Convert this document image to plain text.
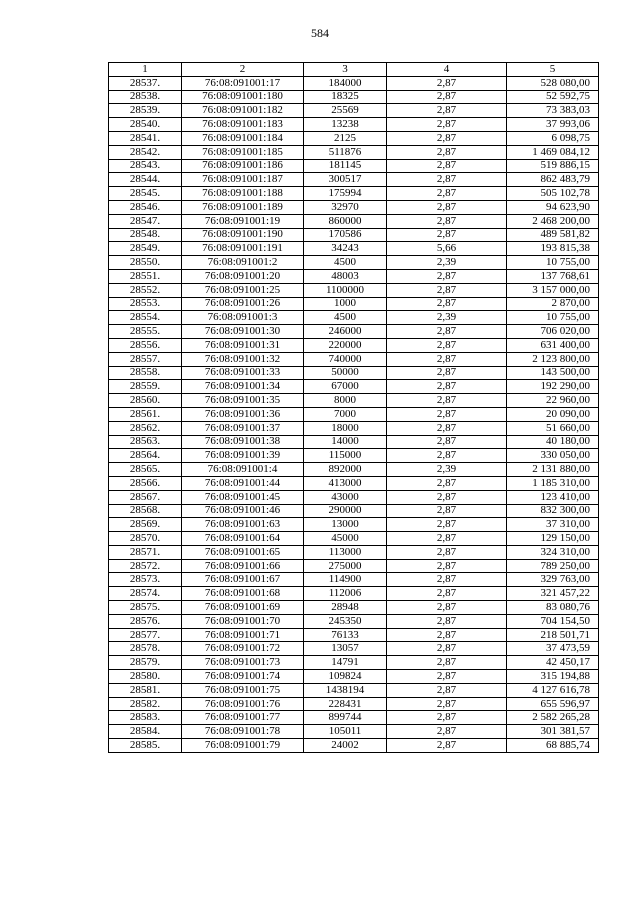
584
1	2	3	4	5
28537.	76:08:091001:17	184000	2,87	528 080,00
28538.	76:08:091001:180	18325	2,87	52 592,75
28539.	76:08:091001:182	25569	2,87	73 383,03
28540.	76:08:091001:183	13238	2,87	37 993,06
28541.	76:08:091001:184	2125	2,87	6 098,75
28542.	76:08:091001:185	511876	2,87	1 469 084,12
28543.	76:08:091001:186	181145	2,87	519 886,15
28544.	76:08:091001:187	300517	2,87	862 483,79
28545.	76:08:091001:188	175994	2,87	505 102,78
28546.	76:08:091001:189	32970	2,87	94 623,90
28547.	76:08:091001:19	860000	2,87	2 468 200,00
28548.	76:08:091001:190	170586	2,87	489 581,82
28549.	76:08:091001:191	34243	5,66	193 815,38
28550.	76:08:091001:2	4500	2,39	10 755,00
28551.	76:08:091001:20	48003	2,87	137 768,61
28552.	76:08:091001:25	1100000	2,87	3 157 000,00
28553.	76:08:091001:26	1000	2,87	2 870,00
28554.	76:08:091001:3	4500	2,39	10 755,00
28555.	76:08:091001:30	246000	2,87	706 020,00
28556.	76:08:091001:31	220000	2,87	631 400,00
28557.	76:08:091001:32	740000	2,87	2 123 800,00
28558.	76:08:091001:33	50000	2,87	143 500,00
28559.	76:08:091001:34	67000	2,87	192 290,00
28560.	76:08:091001:35	8000	2,87	22 960,00
28561.	76:08:091001:36	7000	2,87	20 090,00
28562.	76:08:091001:37	18000	2,87	51 660,00
28563.	76:08:091001:38	14000	2,87	40 180,00
28564.	76:08:091001:39	115000	2,87	330 050,00
28565.	76:08:091001:4	892000	2,39	2 131 880,00
28566.	76:08:091001:44	413000	2,87	1 185 310,00
28567.	76:08:091001:45	43000	2,87	123 410,00
28568.	76:08:091001:46	290000	2,87	832 300,00
28569.	76:08:091001:63	13000	2,87	37 310,00
28570.	76:08:091001:64	45000	2,87	129 150,00
28571.	76:08:091001:65	113000	2,87	324 310,00
28572.	76:08:091001:66	275000	2,87	789 250,00
28573.	76:08:091001:67	114900	2,87	329 763,00
28574.	76:08:091001:68	112006	2,87	321 457,22
28575.	76:08:091001:69	28948	2,87	83 080,76
28576.	76:08:091001:70	245350	2,87	704 154,50
28577.	76:08:091001:71	76133	2,87	218 501,71
28578.	76:08:091001:72	13057	2,87	37 473,59
28579.	76:08:091001:73	14791	2,87	42 450,17
28580.	76:08:091001:74	109824	2,87	315 194,88
28581.	76:08:091001:75	1438194	2,87	4 127 616,78
28582.	76:08:091001:76	228431	2,87	655 596,97
28583.	76:08:091001:77	899744	2,87	2 582 265,28
28584.	76:08:091001:78	105011	2,87	301 381,57
28585.	76:08:091001:79	24002	2,87	68 885,74
